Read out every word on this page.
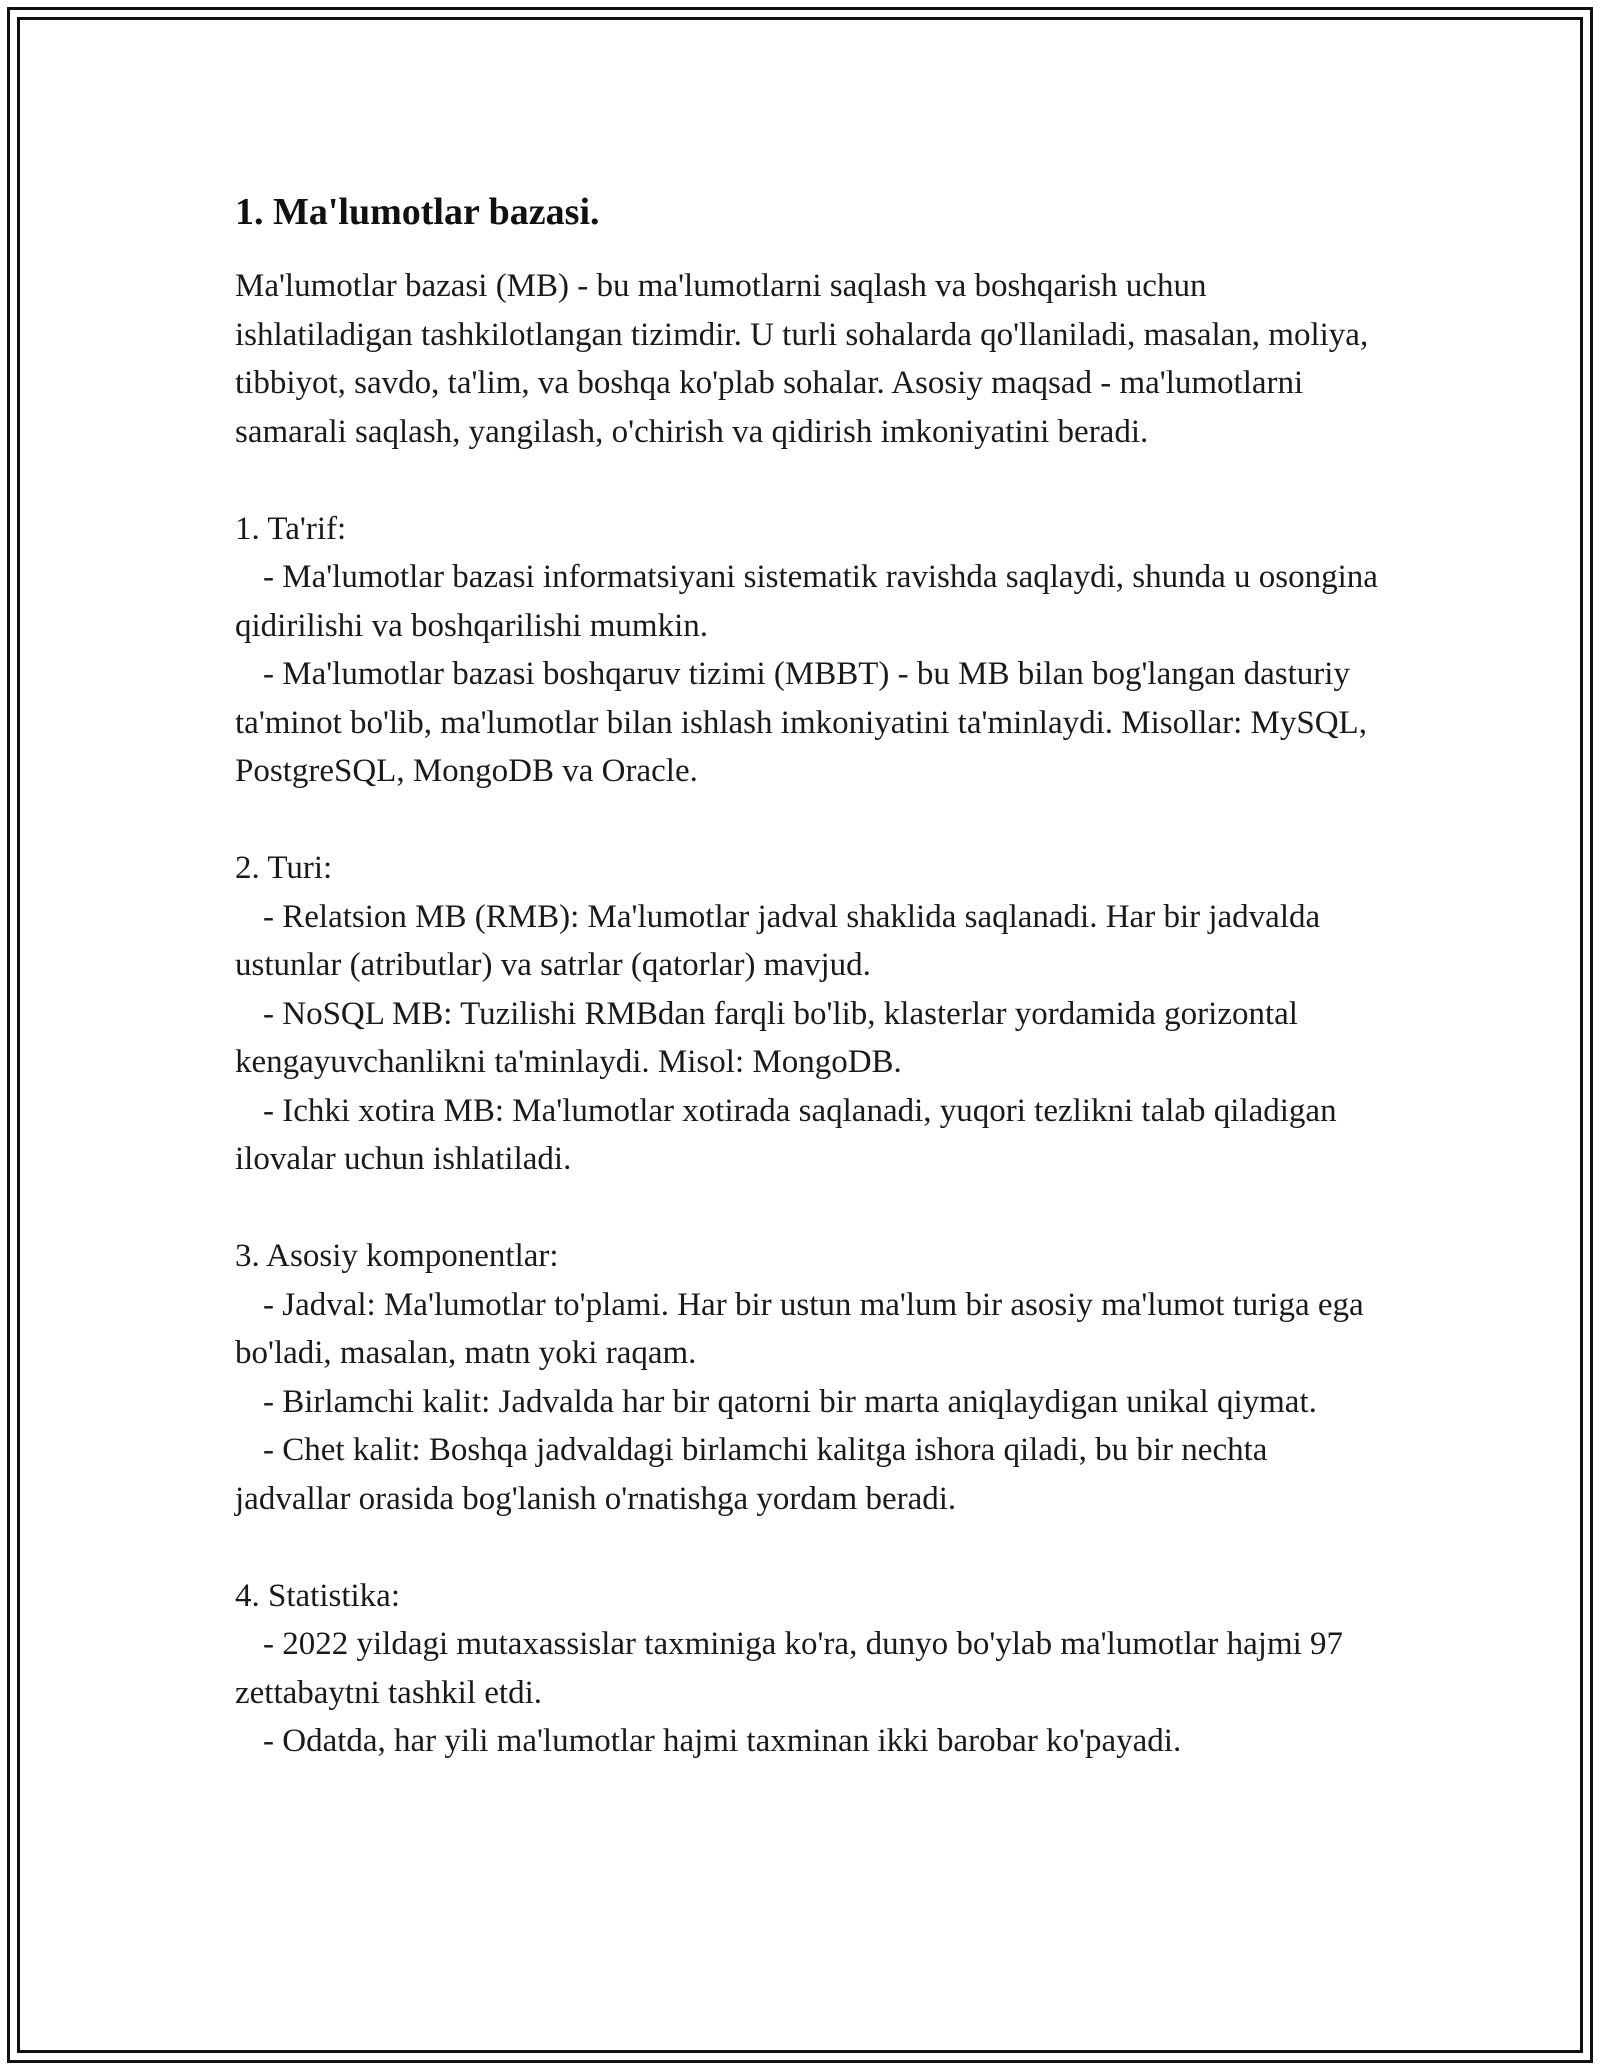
1. Ma'lumotlar bazasi.

Ma'lumotlar bazasi (MB) - bu ma'lumotlarni saqlash va boshqarish uchun ishlatiladigan tashkilotlangan tizimdir. U turli sohalarda qo'llaniladi, masalan, moliya, tibbiyot, savdo, ta'lim, va boshqa ko'plab sohalar. Asosiy maqsad - ma'lumotlarni samarali saqlash, yangilash, o'chirish va qidirish imkoniyatini beradi.

1. Ta'rif:

- Ma'lumotlar bazasi informatsiyani sistematik ravishda saqlaydi, shunda u osongina qidirilishi va boshqarilishi mumkin.

- Ma'lumotlar bazasi boshqaruv tizimi (MBBT) - bu MB bilan bog'langan dasturiy ta'minot bo'lib, ma'lumotlar bilan ishlash imkoniyatini ta'minlaydi. Misollar: MySQL, PostgreSQL, MongoDB va Oracle.

2. Turi:

- Relatsion MB (RMB): Ma'lumotlar jadval shaklida saqlanadi. Har bir jadvalda ustunlar (atributlar) va satrlar (qatorlar) mavjud.

- NoSQL MB: Tuzilishi RMBdan farqli bo'lib, klasterlar yordamida gorizontal kengayuvchanlikni ta'minlaydi. Misol: MongoDB.

- Ichki xotira MB: Ma'lumotlar xotirada saqlanadi, yuqori tezlikni talab qiladigan ilovalar uchun ishlatiladi.

3. Asosiy komponentlar:

- Jadval: Ma'lumotlar to'plami. Har bir ustun ma'lum bir asosiy ma'lumot turiga ega bo'ladi, masalan, matn yoki raqam.

- Birlamchi kalit: Jadvalda har bir qatorni bir marta aniqlaydigan unikal qiymat.

- Chet kalit: Boshqa jadvaldagi birlamchi kalitga ishora qiladi, bu bir nechta jadvallar orasida bog'lanish o'rnatishga yordam beradi.

4. Statistika:

- 2022 yildagi mutaxassislar taxminiga ko'ra, dunyo bo'ylab ma'lumotlar hajmi 97 zettabaytni tashkil etdi.

- Odatda, har yili ma'lumotlar hajmi taxminan ikki barobar ko'payadi.
